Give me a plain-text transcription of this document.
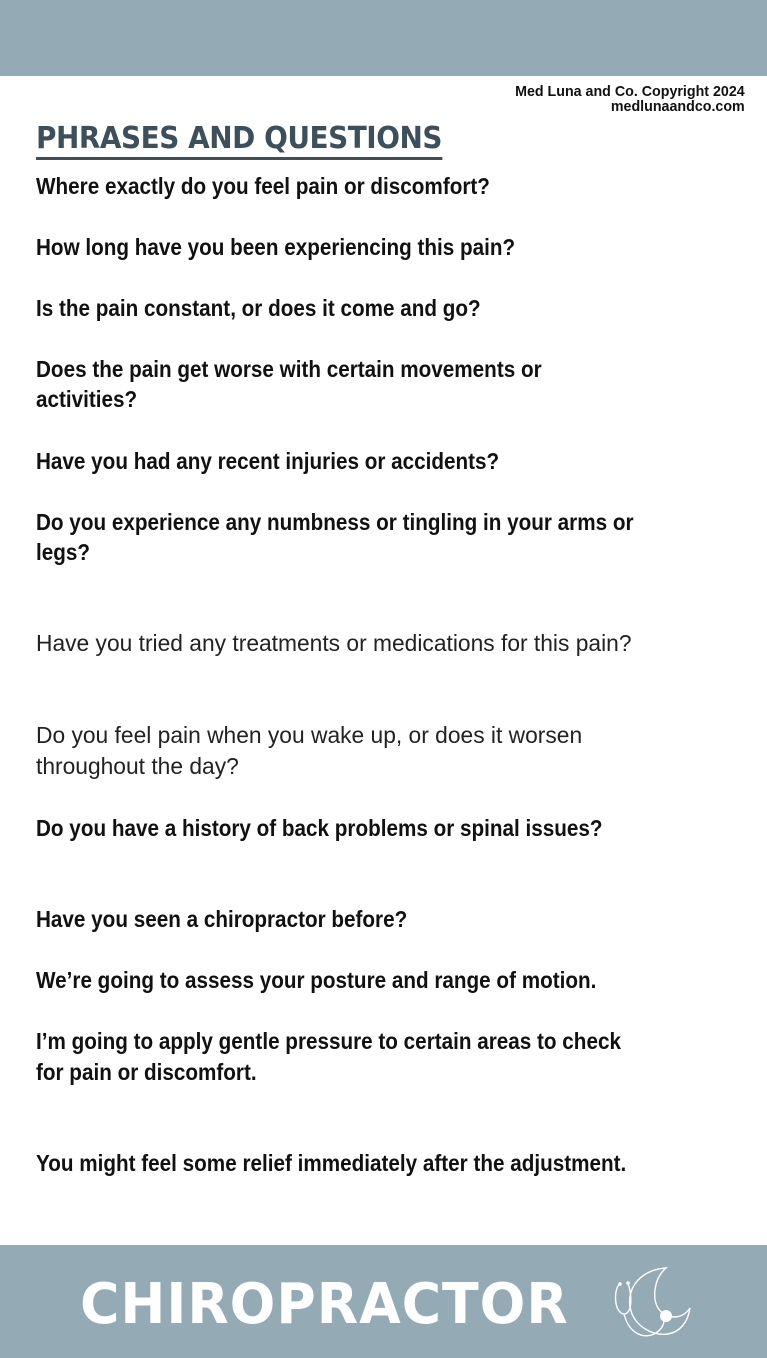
Med Luna and Co. Copyright 2024
medlunaandco.com
PHRASES AND QUESTIONS
Where exactly do you feel pain or discomfort?
How long have you been experiencing this pain?
Is the pain constant, or does it come and go?
Does the pain get worse with certain movements or
activities?
Have you had any recent injuries or accidents?
Do you experience any numbness or tingling in your arms or
legs?
Have you tried any treatments or medications for this pain?
Do you feel pain when you wake up, or does it worsen
throughout the day?
Do you have a history of back problems or spinal issues?
Have you seen a chiropractor before?
We’re going to assess your posture and range of motion.
I’m going to apply gentle pressure to certain areas to check
for pain or discomfort.
You might feel some relief immediately after the adjustment.
CHIROPRACTOR
